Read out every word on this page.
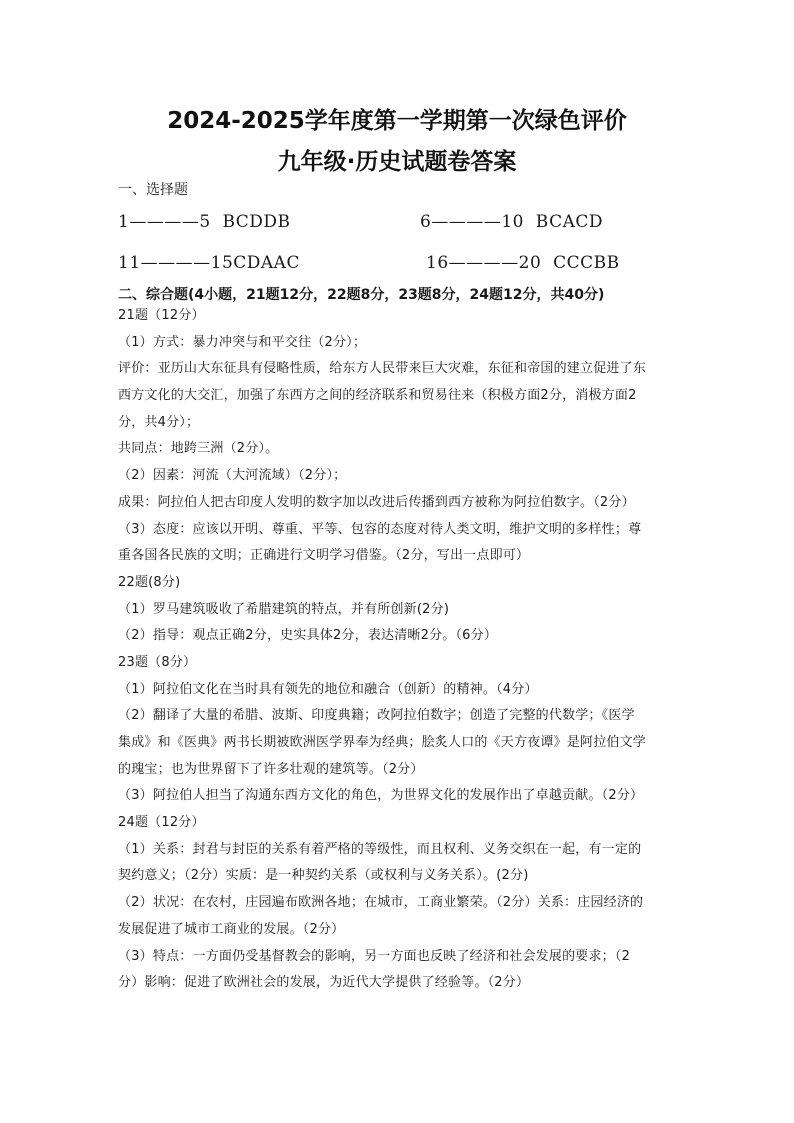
2024-2025学年度第一学期第一次绿色评价
九年级·历史试题卷答案
一、选择题
1————5  BCDDB	6————10  BCACD
11————15CDAAC	16————20  CCCBB
二、综合题(4小题，21题12分，22题8分，23题8分，24题12分，共40分)
21题（12分）
（1）方式：暴力冲突与和平交往（2分）；
评价：亚历山大东征具有侵略性质，给东方人民带来巨大灾难，东征和帝国的建立促进了东
西方文化的大交汇，加强了东西方之间的经济联系和贸易往来（积极方面2分，消极方面2
分，共4分）；
共同点：地跨三洲（2分）。
（2）因素：河流（大河流域）（2分）；
成果：阿拉伯人把古印度人发明的数字加以改进后传播到西方被称为阿拉伯数字。（2分）
（3）态度：应该以开明、尊重、平等、包容的态度对待人类文明，维护文明的多样性；尊
重各国各民族的文明；正确进行文明学习借鉴。（2分，写出一点即可）
22题(8分)
（1）罗马建筑吸收了希腊建筑的特点，并有所创新(2分)
（2）指导：观点正确2分，史实具体2分，表达清晰2分。（6分）
23题（8分）
（1）阿拉伯文化在当时具有领先的地位和融合（创新）的精神。（4分）
（2）翻译了大量的希腊、波斯、印度典籍；改阿拉伯数字；创造了完整的代数学；《医学
集成》和《医典》两书长期被欧洲医学界奉为经典；脍炙人口的《天方夜谭》是阿拉伯文学
的瑰宝；也为世界留下了许多壮观的建筑等。（2分）
（3）阿拉伯人担当了沟通东西方文化的角色，为世界文化的发展作出了卓越贡献。（2分）
24题（12分）
（1）关系：封君与封臣的关系有着严格的等级性，而且权利、义务交织在一起，有一定的
契约意义；（2分）实质：是一种契约关系（或权利与义务关系）。(2分)
（2）状况：在农村，庄园遍布欧洲各地；在城市，工商业繁荣。（2分）关系：庄园经济的
发展促进了城市工商业的发展。（2分）
（3）特点：一方面仍受基督教会的影响，另一方面也反映了经济和社会发展的要求；（2
分）影响：促进了欧洲社会的发展，为近代大学提供了经验等。（2分）
